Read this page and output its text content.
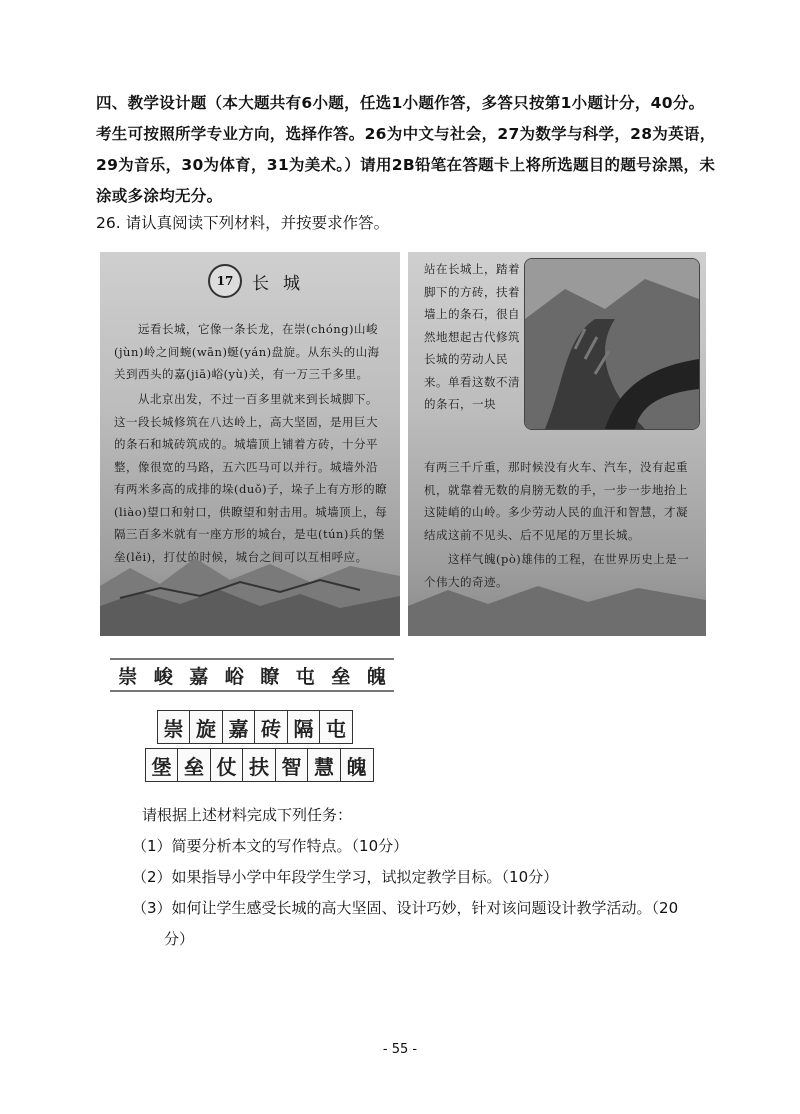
四、教学设计题（本大题共有6小题，任选1小题作答，多答只按第1小题计分，40分。考生可按照所学专业方向，选择作答。26为中文与社会，27为数学与科学，28为英语，29为音乐，30为体育，31为美术。）请用2B铅笔在答题卡上将所选题目的题号涂黑，未涂或多涂均无分。
26. 请认真阅读下列材料，并按要求作答。
17	长城
远看长城，它像一条长龙，在崇(chóng)山峻(jùn)岭之间蜿(wān)蜒(yán)盘旋。从东头的山海关到西头的嘉(jiā)峪(yù)关，有一万三千多里。
从北京出发，不过一百多里就来到长城脚下。这一段长城修筑在八达岭上，高大坚固，是用巨大的条石和城砖筑成的。城墙顶上铺着方砖，十分平整，像很宽的马路，五六匹马可以并行。城墙外沿有两米多高的成排的垛(duǒ)子，垛子上有方形的瞭(liào)望口和射口，供瞭望和射击用。城墙顶上，每隔三百多米就有一座方形的城台，是屯(tún)兵的堡垒(lěi)，打仗的时候，城台之间可以互相呼应。
站在长城上，踏着脚下的方砖，扶着墙上的条石，很自然地想起古代修筑长城的劳动人民来。单看这数不清的条石，一块
有两三千斤重，那时候没有火车、汽车，没有起重机，就靠着无数的肩膀无数的手，一步一步地抬上这陡峭的山岭。多少劳动人民的血汗和智慧，才凝结成这前不见头、后不见尾的万里长城。
这样气魄(pò)雄伟的工程，在世界历史上是一个伟大的奇迹。
崇 峻 嘉 峪 瞭 屯 垒 魄
崇 旋 嘉 砖 隔 屯
堡 垒 仗 扶 智 慧 魄

请根据上述材料完成下列任务：

（1）简要分析本文的写作特点。（10分）

（2）如果指导小学中年段学生学习，试拟定教学目标。（10分）

（3）如何让学生感受长城的高大坚固、设计巧妙，针对该问题设计教学活动。（20
分）

- 55 -
